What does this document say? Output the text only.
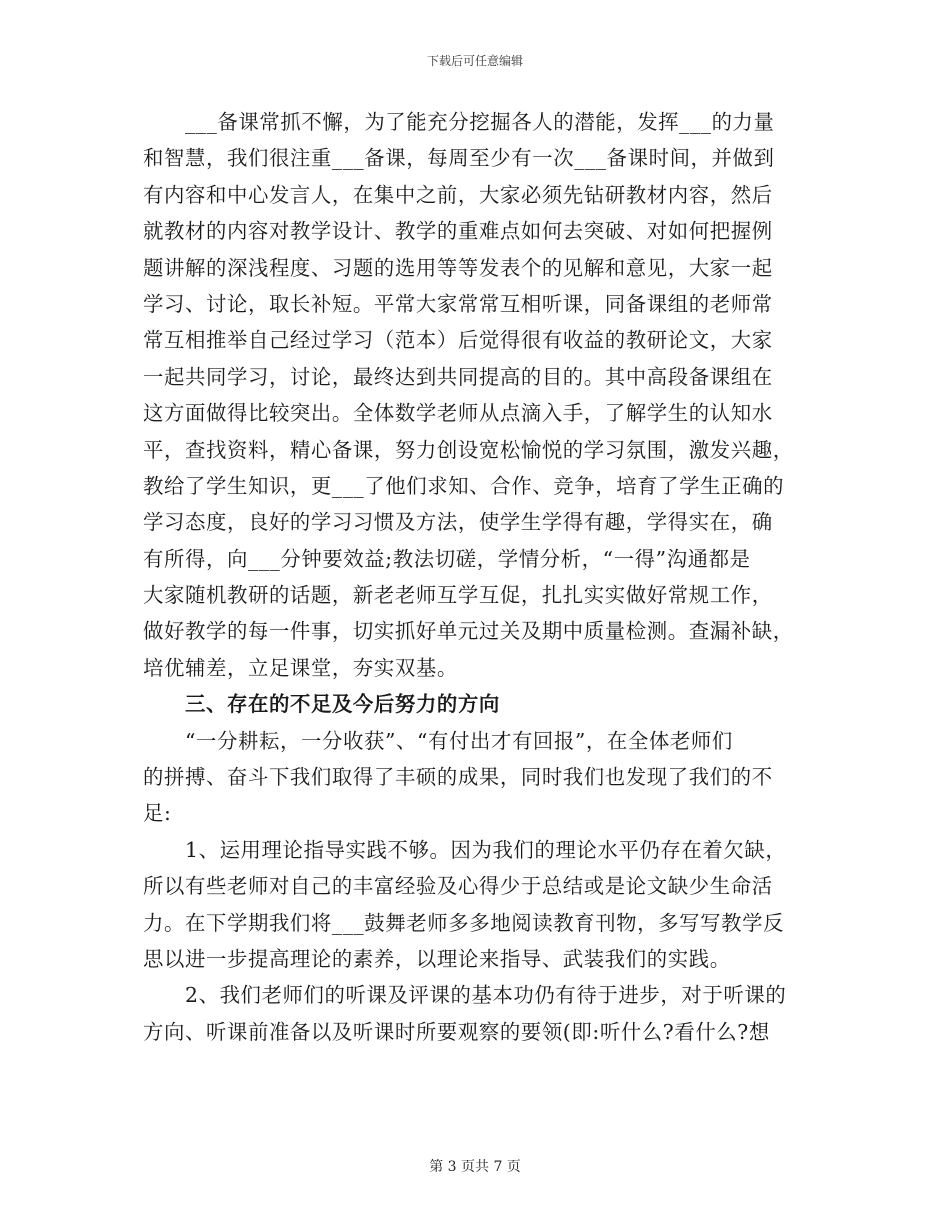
下载后可任意编辑
___备课常抓不懈，为了能充分挖掘各人的潜能，发挥___的力量
和智慧，我们很注重___备课，每周至少有一次___备课时间，并做到
有内容和中心发言人，在集中之前，大家必须先钻研教材内容，然后
就教材的内容对教学设计、教学的重难点如何去突破、对如何把握例
题讲解的深浅程度、习题的选用等等发表个的见解和意见，大家一起
学习、讨论，取长补短。平常大家常常互相听课，同备课组的老师常
常互相推举自己经过学习（范本）后觉得很有收益的教研论文，大家
一起共同学习，讨论，最终达到共同提高的目的。其中高段备课组在
这方面做得比较突出。全体数学老师从点滴入手，了解学生的认知水
平，查找资料，精心备课，努力创设宽松愉悦的学习氛围，激发兴趣，
教给了学生知识，更___了他们求知、合作、竞争，培育了学生正确的
学习态度，良好的学习习惯及方法，使学生学得有趣，学得实在，确
有所得，向___分钟要效益;教法切磋，学情分析，“一得”沟通都是
大家随机教研的话题，新老老师互学互促，扎扎实实做好常规工作，
做好教学的每一件事，切实抓好单元过关及期中质量检测。查漏补缺，
培优辅差，立足课堂，夯实双基。
三、存在的不足及今后努力的方向
“一分耕耘，一分收获”、“有付出才有回报”，在全体老师们
的拼搏、奋斗下我们取得了丰硕的成果，同时我们也发现了我们的不
足:
1、运用理论指导实践不够。因为我们的理论水平仍存在着欠缺，
所以有些老师对自己的丰富经验及心得少于总结或是论文缺少生命活
力。在下学期我们将___鼓舞老师多多地阅读教育刊物，多写写教学反
思以进一步提高理论的素养，以理论来指导、武装我们的实践。
2、我们老师们的听课及评课的基本功仍有待于进步，对于听课的
方向、听课前准备以及听课时所要观察的要领(即:听什么?看什么?想
第 3 页共 7 页
